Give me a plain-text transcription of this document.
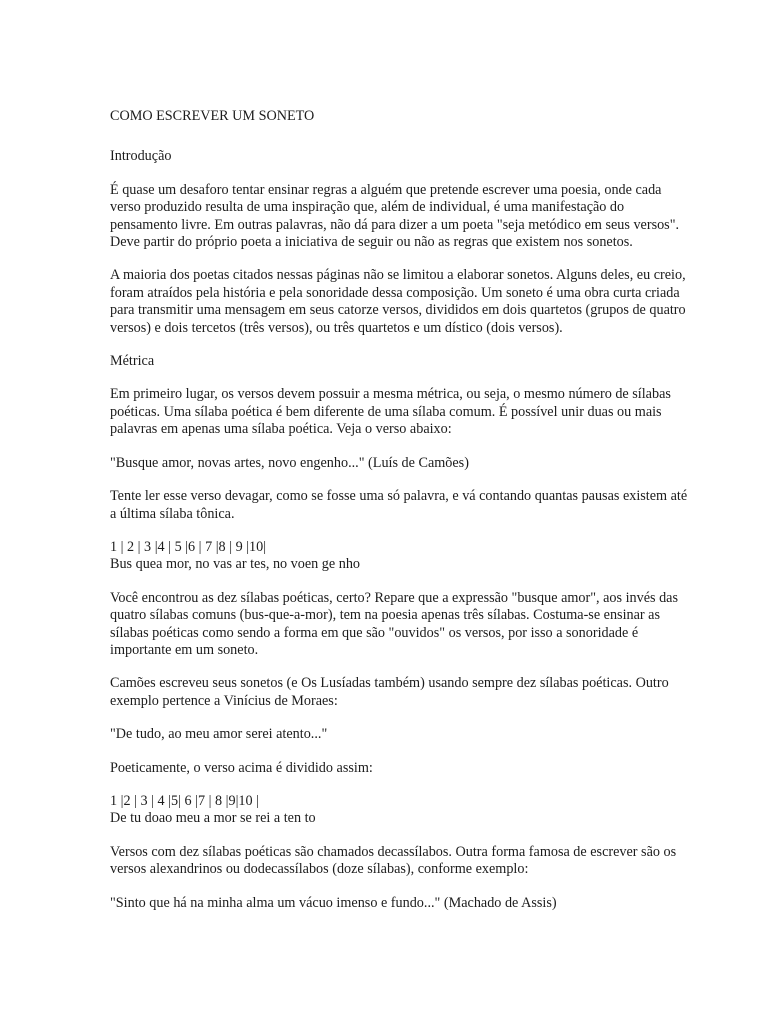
COMO ESCREVER UM SONETO

Introdução

É quase um desaforo tentar ensinar regras a alguém que pretende escrever uma poesia, onde cada verso produzido resulta de uma inspiração que, além de individual, é uma manifestação do pensamento livre. Em outras palavras, não dá para dizer a um poeta "seja metódico em seus versos". Deve partir do próprio poeta a iniciativa de seguir ou não as regras que existem nos sonetos.

A maioria dos poetas citados nessas páginas não se limitou a elaborar sonetos. Alguns deles, eu creio, foram atraídos pela história e pela sonoridade dessa composição. Um soneto é uma obra curta criada para transmitir uma mensagem em seus catorze versos, divididos em dois quartetos (grupos de quatro versos) e dois tercetos (três versos), ou três quartetos e um dístico (dois versos).

Métrica

Em primeiro lugar, os versos devem possuir a mesma métrica, ou seja, o mesmo número de sílabas poéticas. Uma sílaba poética é bem diferente de uma sílaba comum. É possível unir duas ou mais palavras em apenas uma sílaba poética. Veja o verso abaixo:

"Busque amor, novas artes, novo engenho..." (Luís de Camões)

Tente ler esse verso devagar, como se fosse uma só palavra, e vá contando quantas pausas existem até a última sílaba tônica.

1 | 2 | 3 |4 | 5 |6 | 7 |8 | 9 |10|
Bus quea mor, no vas ar tes, no voen ge nho

Você encontrou as dez sílabas poéticas, certo? Repare que a expressão "busque amor", aos invés das quatro sílabas comuns (bus-que-a-mor), tem na poesia apenas três sílabas. Costuma-se ensinar as sílabas poéticas como sendo a forma em que são "ouvidos" os versos, por isso a sonoridade é importante em um soneto.

Camões escreveu seus sonetos (e Os Lusíadas também) usando sempre dez sílabas poéticas. Outro exemplo pertence a Vinícius de Moraes:

"De tudo, ao meu amor serei atento..."

Poeticamente, o verso acima é dividido assim:

1 |2 | 3 | 4 |5| 6 |7 | 8 |9|10 |
De tu doao meu a mor se rei a ten to

Versos com dez sílabas poéticas são chamados decassílabos. Outra forma famosa de escrever são os versos alexandrinos ou dodecassílabos (doze sílabas), conforme exemplo:

"Sinto que há na minha alma um vácuo imenso e fundo..." (Machado de Assis)
